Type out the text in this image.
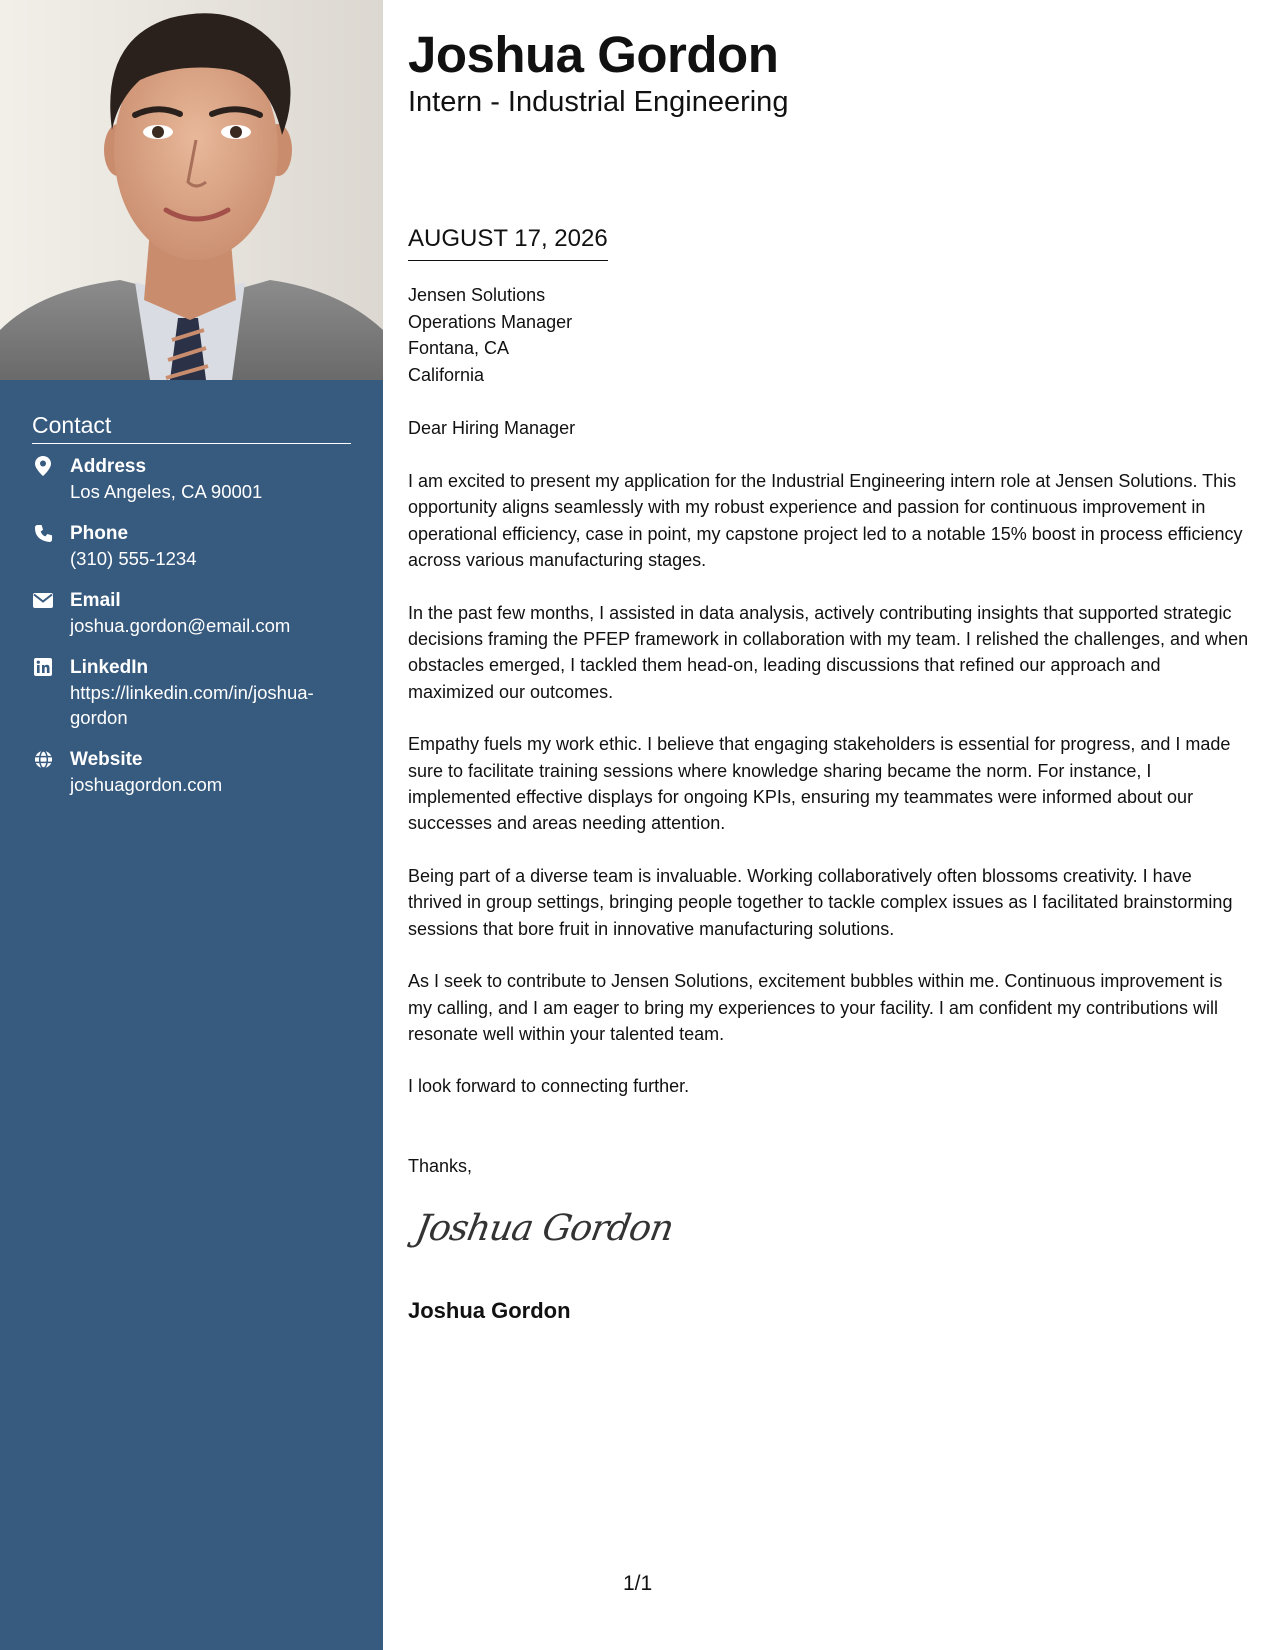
Contact
Address
Los Angeles, CA 90001
Phone
(310) 555-1234
Email
joshua.gordon@email.com
LinkedIn
https://linkedin.com/in/joshua-gordon
Website
joshuagordon.com
Joshua Gordon
Intern - Industrial Engineering
AUGUST 17, 2026
Jensen Solutions
Operations Manager
Fontana, CA
California
Dear Hiring Manager

I am excited to present my application for the Industrial Engineering intern role at Jensen Solutions. This opportunity aligns seamlessly with my robust experience and passion for continuous improvement in operational efficiency, case in point, my capstone project led to a notable 15% boost in process efficiency across various manufacturing stages.

In the past few months, I assisted in data analysis, actively contributing insights that supported strategic decisions framing the PFEP framework in collaboration with my team. I relished the challenges, and when obstacles emerged, I tackled them head-on, leading discussions that refined our approach and maximized our outcomes.

Empathy fuels my work ethic. I believe that engaging stakeholders is essential for progress, and I made sure to facilitate training sessions where knowledge sharing became the norm. For instance, I implemented effective displays for ongoing KPIs, ensuring my teammates were informed about our successes and areas needing attention.

Being part of a diverse team is invaluable. Working collaboratively often blossoms creativity. I have thrived in group settings, bringing people together to tackle complex issues as I facilitated brainstorming sessions that bore fruit in innovative manufacturing solutions.

As I seek to contribute to Jensen Solutions, excitement bubbles within me. Continuous improvement is my calling, and I am eager to bring my experiences to your facility. I am confident my contributions will resonate well within your talented team.

I look forward to connecting further.

Thanks,
Joshua Gordon
Joshua Gordon
1/1
